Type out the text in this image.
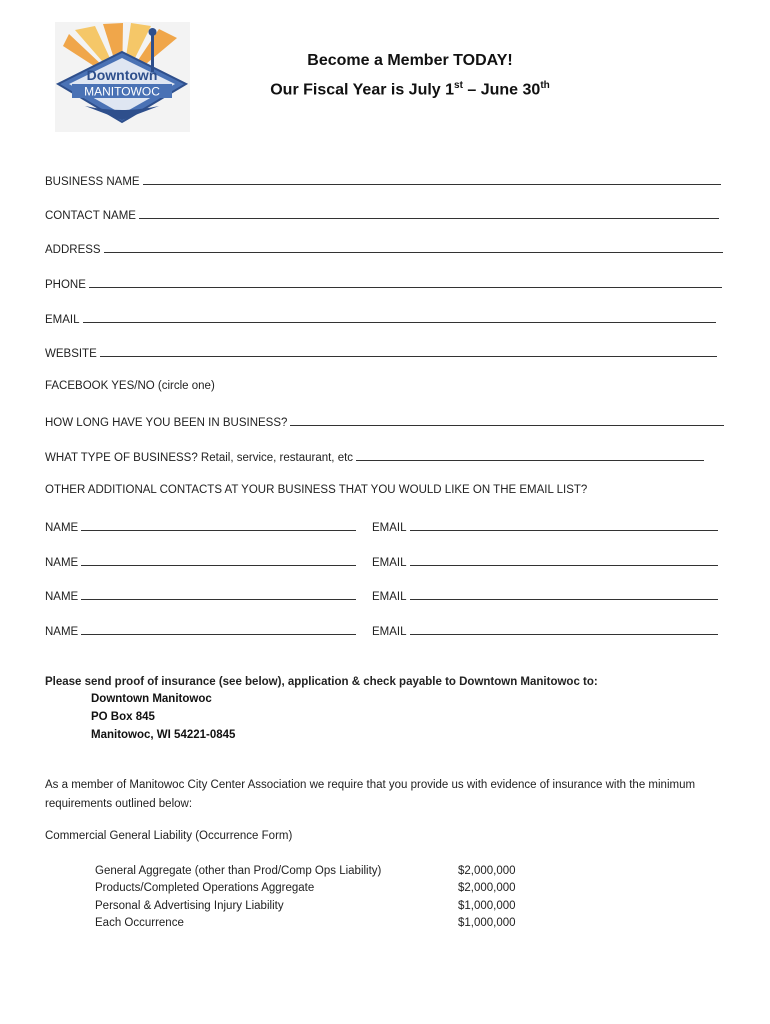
Downtown
MANITOWOC
Become a Member TODAY!
Our Fiscal Year is July 1st – June 30th
BUSINESS NAME
CONTACT NAME
ADDRESS
PHONE
EMAIL
WEBSITE
FACEBOOK YES/NO (circle one)
HOW LONG HAVE YOU BEEN IN BUSINESS?
WHAT TYPE OF BUSINESS? Retail, service, restaurant, etc
OTHER ADDITIONAL CONTACTS AT YOUR BUSINESS THAT YOU WOULD LIKE ON THE EMAIL LIST?
NAME	EMAIL
NAME	EMAIL
NAME	EMAIL
NAME	EMAIL
Please send proof of insurance (see below), application & check payable to Downtown Manitowoc to:
Downtown Manitowoc
PO Box 845
Manitowoc, WI 54221-0845
As a member of Manitowoc City Center Association we require that you provide us with evidence of insurance with the minimum requirements outlined below:
Commercial General Liability (Occurrence Form)
General Aggregate (other than Prod/Comp Ops Liability)	$2,000,000
Products/Completed Operations Aggregate	$2,000,000
Personal & Advertising Injury Liability	$1,000,000
Each Occurrence	$1,000,000
